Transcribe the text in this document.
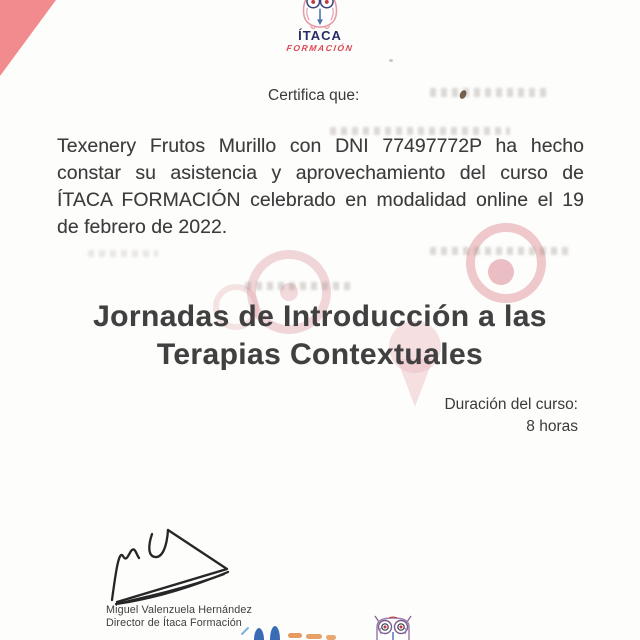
ÍTACA
FORMACIÓN
Certifica que:
Texenery Frutos Murillo con DNI 77497772P ha hecho
constar su asistencia y aprovechamiento del curso de
ÍTACA FORMACIÓN celebrado en modalidad online el 19
de febrero de 2022.
Jornadas de Introducción a las
Terapias Contextuales
Duración del curso:
8 horas
Miguel Valenzuela Hernández
Director de Ítaca Formación
